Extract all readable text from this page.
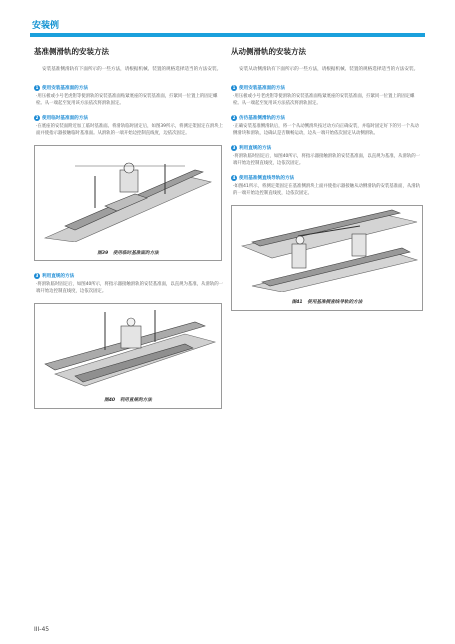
安装例
基准侧滑轨的安装方法
安装基准侧滑轨有下面所示的一些方法，请根据机械、装置的规格选择适当的方法安装。
1 使用安装基准面的方法
·用压板或小号老虎钳等使滑轨的安装基准面贴紧底座的安装基准面，拧紧同一位置上的固定螺栓。从一端起至复用该方法依次将滑轨固定。
2 使用临时基准面的方法
·在底座的安装面附近加工临时基准面。将滑轨临时固定后，如图39所示，将测定架固定在滑块上面并使指示器接触临时基准面。从滑轨的一端开始边控制直线度，边依次固定。
图39　使用临时基准面的方法
3 利用直规的方法
·将滑轨临时固定后，如图40所示，将指示器接触滑轨的安装基准面，以直规为基准，从滑轨的一端开始边控制直线度，边依次固定。
图40　利用直规的方法
从动侧滑轨的安装方法
安装从动侧滑轨有下面所示的一些方法，请根据机械、装置的规格选择适当的方法安装。
1 使用安装基准面的方法
·用压板或小号老虎钳等使滑轨的安装基准面贴紧底座的安装基准面，拧紧同一位置上的固定螺栓。从一端起至复用该方法依次将滑轨固定。
2 仿仿基准侧滑轨的方法
·正确安装基准侧滑轨后，将一个从动侧滑块按过动方向正确安装，并临时固定好下的另一个从动侧滑块和滑轨，边确认是否顺畅运动，边从一端开始依次固定从动侧滑轨。
3 利用直规的方法
·将滑轨临时固定后，如图40所示，将指示器接触滑轨的安装基准面，以直规为基准，从滑轨的一端开始边控制直线度，边依次固定。
4 使用基准侧直线导轨的方法
·如图41所示，将测定架固定在基准侧滑块上面并使指示器接触从动侧滑轨的安装基准面，从滑轨的一端开始边控制直线度，边依次固定。
图41　使用基准侧直线导轨的方法
III-45
